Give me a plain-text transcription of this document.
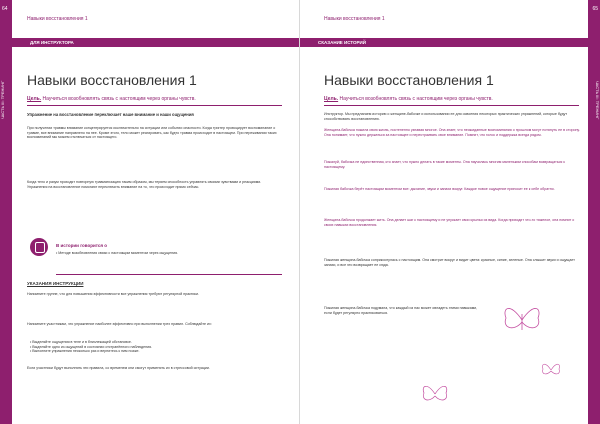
64
ЧАСТЬ III: ТРЕНИНГ
Навыки восстановления 1
ДЛЯ ИНСТРУКТОРА
Навыки восстановления 1
Цель. Научиться возобновлять связь с настоящим через органы чувств.
Упражнение на восстановление переключает наше внимание и наши ощущения
При получении травмы внимание концентрируется исключительно на ситуации или событии опасности. Когда триггер провоцирует воспоминание о травме, все внимание направлено на нее. Кроме этого, тело может реагировать, как будто травма происходит в настоящем. При переживании таких воспоминаний мы можем отключаться от настоящего.
Когда тело и разум проходят повторную травматизацию таким образом, мы теряем способность управлять своими чувствами и реакциями. Упражнения на восстановление помогают переключить внимание на то, что происходит прямо сейчас.
В истории говорится о
• Методе возобновления связи с настоящим моментом через ощущения.
УКАЗАНИЯ ИНСТРУКЦИИ
Напомните группе, что для повышения эффективности все упражнения требуют регулярной практики.
Напомните участникам, что упражнение наиболее эффективно при выполнении трех правил. Соблюдайте их:
• Выделяйте ощущения в теле и в близлежащей обстановке.
• Выделяйте одно из ощущений в состоянии отстранённого наблюдения.
• Выполните упражнения несколько раз и вернитесь к ним позже.
Если участники будут выполнять эти правила, со временем они смогут применять их в стрессовой ситуации.
65
ЧАСТЬ III: ТРЕНИНГ
Навыки восстановления 1
СКАЗАНИЕ ИСТОРИЙ
Навыки восстановления 1
Цель. Научиться возобновлять связь с настоящим через органы чувств.
Инструктор. Мы предлагаем историю о женщине-бабочке и использовании ее для освоения некоторых практических упражнений, которые будут способствовать восстановлению.
Женщина-бабочка пожила свою жизнь, постепенно узнавая многое. Она знает, что неожиданные воспоминания о прошлом могут потянуть ее в сторону. Она понимает, что нужно держаться за настоящее и перестраивать свое внимание. Помнит, что голос и поддержка всегда рядом.
Пожалуй, бабочка не единственная, кто знает, что нужно делать в такие моменты. Она научилась многим маленьким способам возвращаться к настоящему.
Пожилая бабочка берёт настоящим моментом все: дыхание, звуки и запахи вокруг. Каждое новое ощущение приносит ее к себе обратно.
Женщина-бабочка продолжает жить. Она делает шаг к настоящему и не упускает свои крылья из вида. Когда приходит что-то тяжелое, она помнит о своих навыках восстановления.
Пожилая женщина-бабочка соприкоснулась с настоящим. Она смотрит вокруг и видит цвета: красные, синие, зеленые. Она слышит звуки и ощущает запахи, и все это возвращает ее сюда.
Пожилая женщина-бабочка подумала, что каждый из нас может овладеть этими навыками, если будет регулярно практиковаться.
